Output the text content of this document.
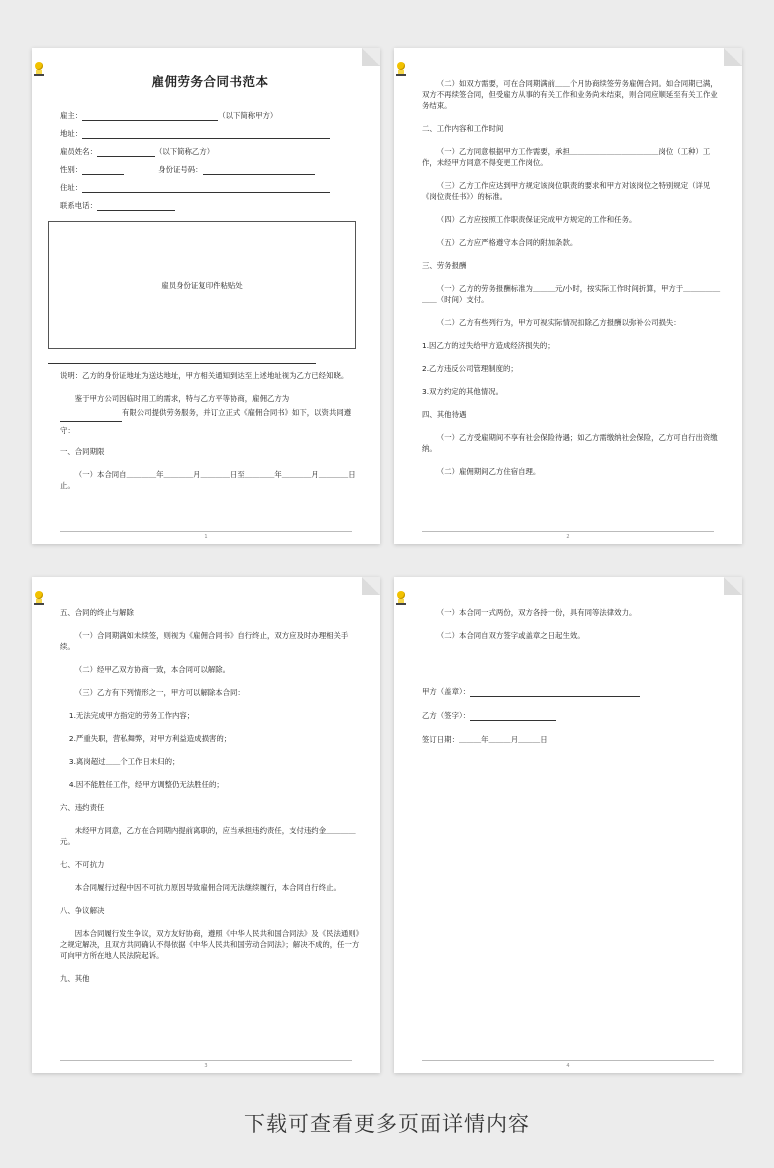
雇佣劳务合同书范本
雇主：	（以下简称甲方）
地址：
雇员姓名：	（以下简称乙方）
性别：	身份证号码：
住址：
联系电话：
雇员身份证复印件粘贴处
说明：乙方的身份证地址为送达地址，甲方相关通知到达至上述地址视为乙方已经知晓。
鉴于甲方公司因临时用工的需求，特与乙方平等协商，雇佣乙方为
有限公司提供劳务服务，并订立正式《雇佣合同书》如下，以资共同遵守：
一、合同期限
（一）本合同自＿＿＿＿年＿＿＿＿月＿＿＿＿日至＿＿＿＿年＿＿＿＿月＿＿＿＿日止。
1
（二）如双方需要，可在合同期满前＿＿个月协商续签劳务雇佣合同。如合同期已满，双方不再续签合同，但受雇方从事的有关工作和业务尚未结束，则合同应顺延至有关工作业务结束。
二、工作内容和工作时间
（一）乙方同意根据甲方工作需要，承担＿＿＿＿＿＿＿＿＿＿＿＿岗位（工种）工作，未经甲方同意不得变更工作岗位。
（三）乙方工作应达到甲方规定该岗位职责的要求和甲方对该岗位之特别规定（详见《岗位责任书》）的标准。
（四）乙方应按照工作职责保证完成甲方规定的工作和任务。
（五）乙方应严格遵守本合同的附加条款。
三、劳务报酬
（一）乙方的劳务报酬标准为＿＿＿元/小时，按实际工作时间折算，甲方于＿＿＿＿＿＿＿（时间）支付。
（二）乙方有些列行为，甲方可视实际情况扣除乙方报酬以弥补公司损失：
1.因乙方的过失给甲方造成经济损失的；
2.乙方违反公司管理制度的；
3.双方约定的其他情况。
四、其他待遇
（一）乙方受雇期间不享有社会保险待遇；如乙方需缴纳社会保险，乙方可自行出资缴纳。
（二）雇佣期间乙方住宿自理。
2
五、合同的终止与解除
（一）合同期满如未续签，则视为《雇佣合同书》自行终止，双方应及时办理相关手续。
（二）经甲乙双方协商一致，本合同可以解除。
（三）乙方有下列情形之一，甲方可以解除本合同：
1.无法完成甲方指定的劳务工作内容；
2.严重失职，营私舞弊，对甲方利益造成损害的；
3.离岗超过＿＿个工作日未归的；
4.因不能胜任工作，经甲方调整仍无法胜任的；
六、违约责任
未经甲方同意，乙方在合同期内提前离职的，应当承担违约责任，支付违约金＿＿＿＿元。
七、不可抗力
本合同履行过程中因不可抗力原因导致雇佣合同无法继续履行，本合同自行终止。
八、争议解决
因本合同履行发生争议，双方友好协商，遵照《中华人民共和国合同法》及《民法通则》之规定解决，且双方共同确认不得依据《中华人民共和国劳动合同法》；解决不成的，任一方可向甲方所在地人民法院起诉。
九、其他
3
（一）本合同一式两份，双方各持一份，具有同等法律效力。
（二）本合同自双方签字或盖章之日起生效。
甲方（盖章）：
乙方（签字）：
签订日期：＿＿＿年＿＿＿月＿＿＿日
4
下载可查看更多页面详情内容
